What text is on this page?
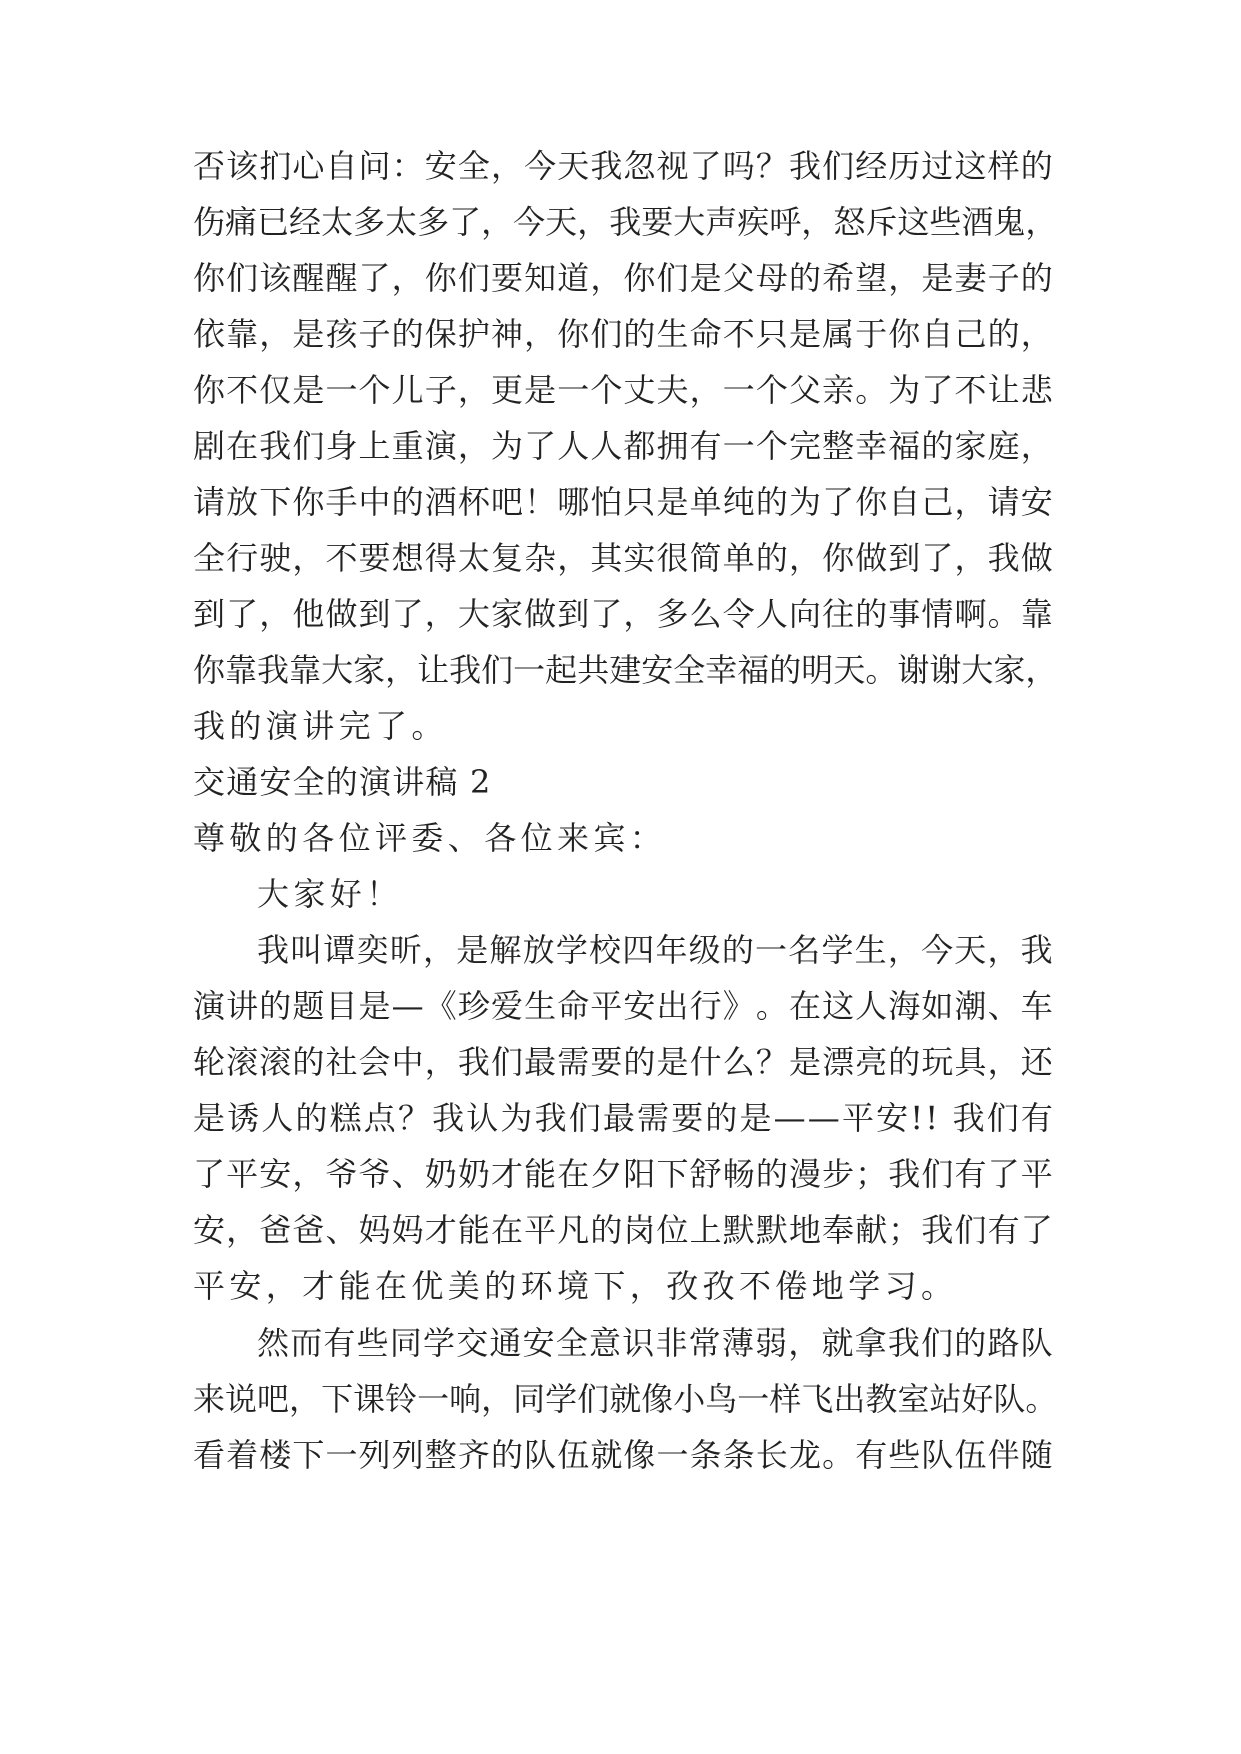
否 该 扪 心 自 问 ： 安 全 ， 今 天 我 忽 视 了 吗 ？ 我 们 经 历 过 这 样 的

伤 痛 已 经 太 多 太 多 了 ， 今 天 ， 我 要 大 声 疾 呼 ， 怒 斥 这 些 酒 鬼 ，

你 们 该 醒 醒 了 ， 你 们 要 知 道 ， 你 们 是 父 母 的 希 望 ， 是 妻 子 的

依 靠 ， 是 孩 子 的 保 护 神 ， 你 们 的 生 命 不 只 是 属 于 你 自 己 的 ，

你 不 仅 是 一 个 儿 子 ， 更 是 一 个 丈 夫 ， 一 个 父 亲 。 为 了 不 让 悲

剧 在 我 们 身 上 重 演 ， 为 了 人 人 都 拥 有 一 个 完 整 幸 福 的 家 庭 ，

请 放 下 你 手 中 的 酒 杯 吧 ！ 哪 怕 只 是 单 纯 的 为 了 你 自 己 ， 请 安

全 行 驶 ， 不 要 想 得 太 复 杂 ， 其 实 很 简 单 的 ， 你 做 到 了 ， 我 做

到 了 ， 他 做 到 了 ， 大 家 做 到 了 ， 多 么 令 人 向 往 的 事 情 啊 。 靠

你 靠 我 靠 大 家 ， 让 我 们 一 起 共 建 安 全 幸 福 的 明 天 。 谢 谢 大 家 ，

我的演讲完了。

交通安全的演讲稿 2

尊敬的各位评委、各位来宾：

大家好！

我 叫 谭 奕 昕 ， 是 解 放 学 校 四 年 级 的 一 名 学 生 ， 今 天 ， 我

演 讲 的 题 目 是 — 《 珍 爱 生 命 平 安 出 行 》 。 在 这 人 海 如 潮 、 车

轮 滚 滚 的 社 会 中 ， 我 们 最 需 要 的 是 什 么 ？ 是 漂 亮 的 玩 具 ， 还

是 诱 人 的 糕 点 ？ 我 认 为 我 们 最 需 要 的 是 — — 平 安 ! !
我 们 有

了 平 安 ， 爷 爷 、 奶 奶 才 能 在 夕 阳 下 舒 畅 的 漫 步 ； 我 们 有 了 平

安 ， 爸 爸 、 妈 妈 才 能 在 平 凡 的 岗 位 上 默 默 地 奉 献 ； 我 们 有 了

平安，才能在优美的环境下，孜孜不倦地学习。

然 而 有 些 同 学 交 通 安 全 意 识 非 常 薄 弱 ， 就 拿 我 们 的 路 队

来 说 吧 ， 下 课 铃 一 响 ， 同 学 们 就 像 小 鸟 一 样 飞 出 教 室 站 好 队 。

看 着 楼 下 一 列 列 整 齐 的 队 伍 就 像 一 条 条 长 龙 。 有 些 队 伍 伴 随
